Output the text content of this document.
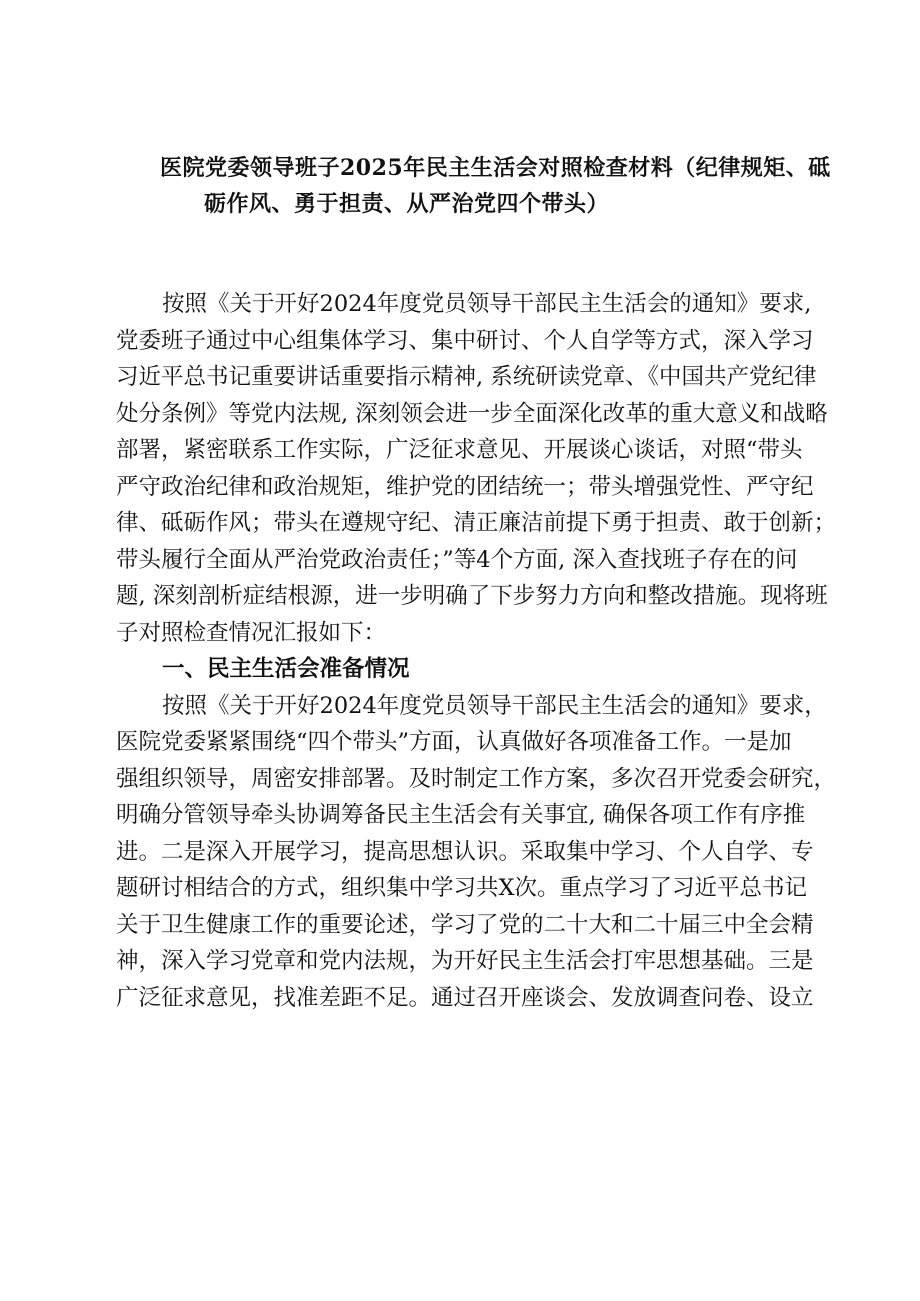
医院党委领导班子2025年民主生活会对照检查材料（纪律规矩、砥
砺作风、勇于担责、从严治党四个带头）
按照《关于开好2024年度党员领导干部民主生活会的通知》要求,
党委班子通过中心组集体学习、集中研讨、个人自学等方式，深入学习
习近平总书记重要讲话重要指示精神, 系统研读党章、《中国共产党纪律
处分条例》等党内法规, 深刻领会进一步全面深化改革的重大意义和战略
部署，紧密联系工作实际，广泛征求意见、开展谈心谈话，对照“带头
严守政治纪律和政治规矩，维护党的团结统一；带头增强党性、严守纪
律、砥砺作风；带头在遵规守纪、清正廉洁前提下勇于担责、敢于创新；
带头履行全面从严治党政治责任；”等4个方面, 深入查找班子存在的问
题, 深刻剖析症结根源，进一步明确了下步努力方向和整改措施。现将班
子对照检查情况汇报如下：
一、民主生活会准备情况
按照《关于开好2024年度党员领导干部民主生活会的通知》要求，
医院党委紧紧围绕“四个带头”方面，认真做好各项准备工作。一是加
强组织领导，周密安排部署。及时制定工作方案，多次召开党委会研究，
明确分管领导牵头协调筹备民主生活会有关事宜, 确保各项工作有序推
进。二是深入开展学习，提高思想认识。采取集中学习、个人自学、专
题研讨相结合的方式，组织集中学习共X次。重点学习了习近平总书记
关于卫生健康工作的重要论述，学习了党的二十大和二十届三中全会精
神，深入学习党章和党内法规，为开好民主生活会打牢思想基础。三是
广泛征求意见，找准差距不足。通过召开座谈会、发放调查问卷、设立
